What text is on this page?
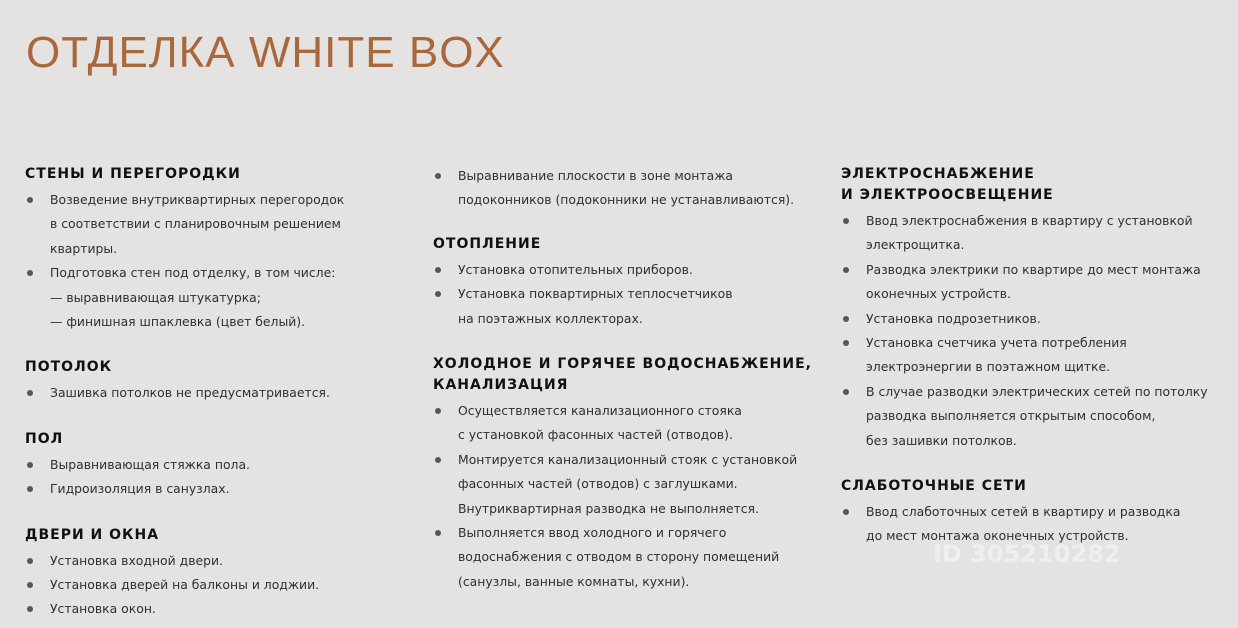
ОТДЕЛКА WHITE BOX
СТЕНЫ И ПЕРЕГОРОДКИ
Возведение внутриквартирных перегородок
в соответствии с планировочным решением
квартиры.
Подготовка стен под отделку, в том числе:
— выравнивающая штукатурка;
— финишная шпаклевка (цвет белый).
ПОТОЛОК
Зашивка потолков не предусматривается.
ПОЛ
Выравнивающая стяжка пола.
Гидроизоляция в санузлах.
ДВЕРИ И ОКНА
Установка входной двери.
Установка дверей на балконы и лоджии.
Установка окон.
Выравнивание плоскости в зоне монтажа
подоконников (подоконники не устанавливаются).
ОТОПЛЕНИЕ
Установка отопительных приборов.
Установка поквартирных теплосчетчиков
на поэтажных коллекторах.
ХОЛОДНОЕ И ГОРЯЧЕЕ ВОДОСНАБЖЕНИЕ,
КАНАЛИЗАЦИЯ
Осуществляется канализационного стояка
с установкой фасонных частей (отводов).
Монтируется канализационный стояк с установкой
фасонных частей (отводов) с заглушками.
Внутриквартирная разводка не выполняется.
Выполняется ввод холодного и горячего
водоснабжения с отводом в сторону помещений
(санузлы, ванные комнаты, кухни).
ЭЛЕКТРОСНАБЖЕНИЕ
И ЭЛЕКТРООСВЕЩЕНИЕ
Ввод электроснабжения в квартиру с установкой
электрощитка.
Разводка электрики по квартире до мест монтажа
оконечных устройств.
Установка подрозетников.
Установка счетчика учета потребления
электроэнергии в поэтажном щитке.
В случае разводки электрических сетей по потолку
разводка выполняется открытым способом,
без зашивки потолков.
СЛАБОТОЧНЫЕ СЕТИ
Ввод слаботочных сетей в квартиру и разводка
до мест монтажа оконечных устройств.
ID 305210282
